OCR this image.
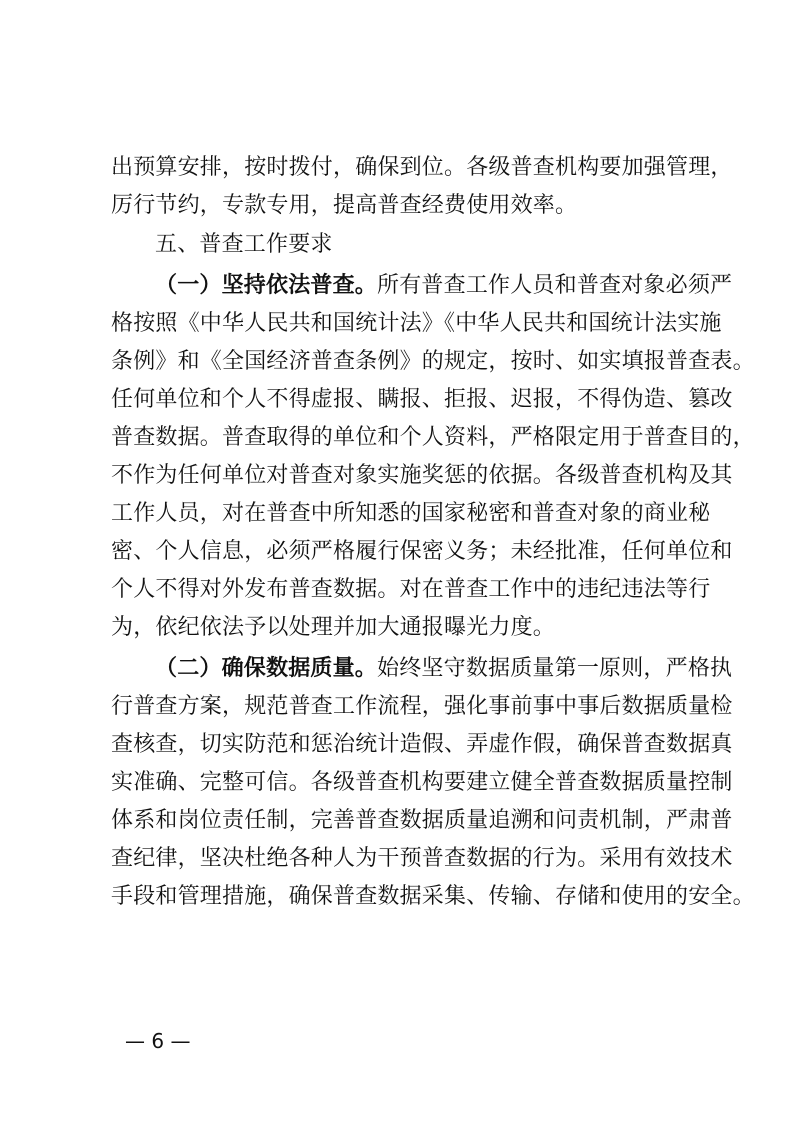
出预算安排，按时拨付，确保到位。各级普查机构要加强管理，
厉行节约，专款专用，提高普查经费使用效率。
五、普查工作要求
（一）坚持依法普查。所有普查工作人员和普查对象必须严
格按照《中华人民共和国统计法》《中华人民共和国统计法实施
条例》和《全国经济普查条例》的规定，按时、如实填报普查表。
任何单位和个人不得虚报、瞒报、拒报、迟报，不得伪造、篡改
普查数据。普查取得的单位和个人资料，严格限定用于普查目的，
不作为任何单位对普查对象实施奖惩的依据。各级普查机构及其
工作人员，对在普查中所知悉的国家秘密和普查对象的商业秘
密、个人信息，必须严格履行保密义务；未经批准，任何单位和
个人不得对外发布普查数据。对在普查工作中的违纪违法等行
为，依纪依法予以处理并加大通报曝光力度。
（二）确保数据质量。始终坚守数据质量第一原则，严格执
行普查方案，规范普查工作流程，强化事前事中事后数据质量检
查核查，切实防范和惩治统计造假、弄虚作假，确保普查数据真
实准确、完整可信。各级普查机构要建立健全普查数据质量控制
体系和岗位责任制，完善普查数据质量追溯和问责机制，严肃普
查纪律，坚决杜绝各种人为干预普查数据的行为。采用有效技术
手段和管理措施，确保普查数据采集、传输、存储和使用的安全。
— 6 —
